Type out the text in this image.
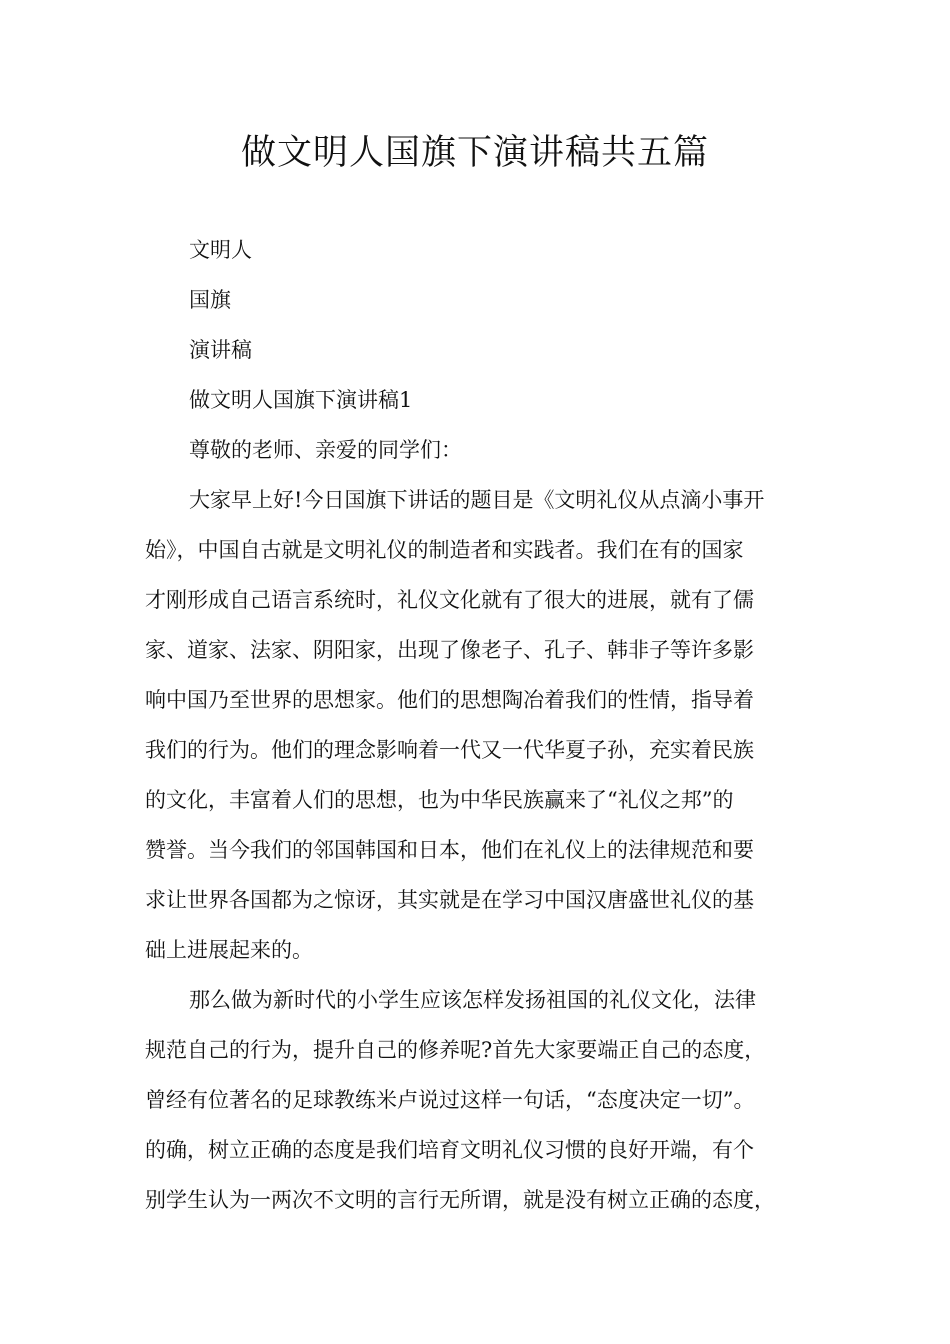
做文明人国旗下演讲稿共五篇

文明人

国旗

演讲稿

做文明人国旗下演讲稿1

尊敬的老师、亲爱的同学们：

大家早上好!今日国旗下讲话的题目是《文明礼仪从点滴小事开

始》，中国自古就是文明礼仪的制造者和实践者。我们在有的国家

才刚形成自己语言系统时，礼仪文化就有了很大的进展，就有了儒

家、道家、法家、阴阳家，出现了像老子、孔子、韩非子等许多影

响中国乃至世界的思想家。他们的思想陶冶着我们的性情，指导着

我们的行为。他们的理念影响着一代又一代华夏子孙，充实着民族

的文化，丰富着人们的思想，也为中华民族赢来了“礼仪之邦”的

赞誉。当今我们的邻国韩国和日本，他们在礼仪上的法律规范和要

求让世界各国都为之惊讶，其实就是在学习中国汉唐盛世礼仪的基

础上进展起来的。

那么做为新时代的小学生应该怎样发扬祖国的礼仪文化，法律

规范自己的行为，提升自己的修养呢?首先大家要端正自己的态度，

曾经有位著名的足球教练米卢说过这样一句话，“态度决定一切”。

的确，树立正确的态度是我们培育文明礼仪习惯的良好开端，有个

别学生认为一两次不文明的言行无所谓，就是没有树立正确的态度，
